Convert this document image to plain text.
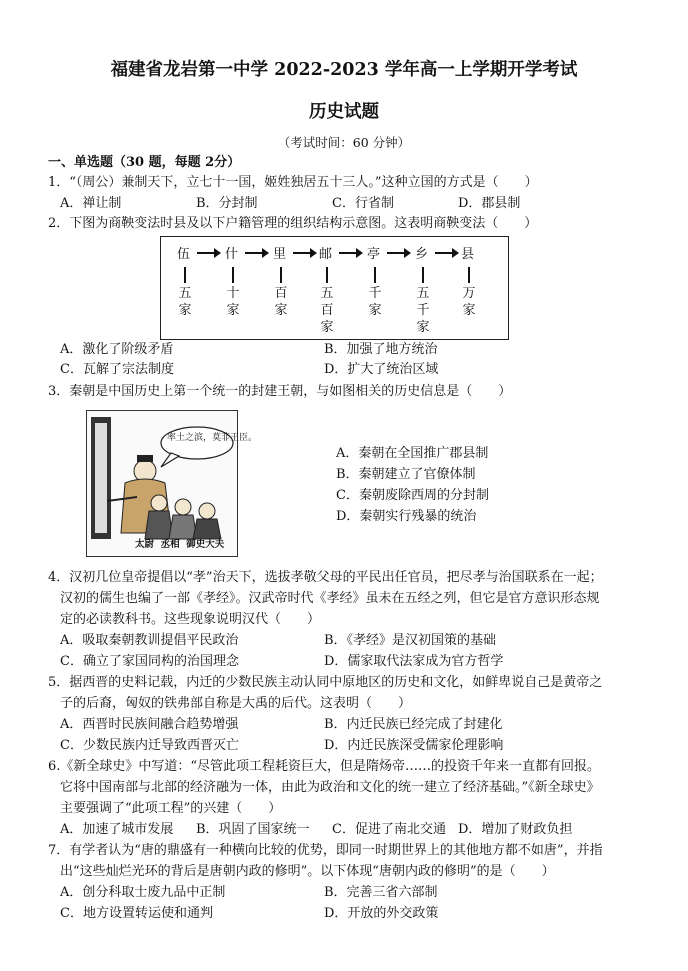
福建省龙岩第一中学 2022-2023 学年高一上学期开学考试
历史试题
（考试时间：60 分钟）
一、单选题（30 题，每题 2分）
1．“（周公）兼制天下，立七十一国，姬姓独居五十三人。”这种立国的方式是（　　）
A．禅让制	B．分封制	C．行省制	D．郡县制
2．下图为商鞅变法时县及以下户籍管理的组织结构示意图。这表明商鞅变法（　　）
伍	什	里	邮	亭	乡	县
五家
十家
百家
五百家
千家
五千家
万家
A．激化了阶级矛盾	B．加强了地方统治
C．瓦解了宗法制度	D．扩大了统治区域
3．秦朝是中国历史上第一个统一的封建王朝，与如图相关的历史信息是（　　）
率土之滨，莫非王臣。
太尉  丞相  御史大夫
A．秦朝在全国推广郡县制
B．秦朝建立了官僚体制
C．秦朝废除西周的分封制
D．秦朝实行残暴的统治
4．汉初几位皇帝提倡以“孝”治天下，选拔孝敬父母的平民出任官员，把尽孝与治国联系在一起；
汉初的儒生也编了一部《孝经》。汉武帝时代《孝经》虽未在五经之列，但它是官方意识形态规
定的必读教科书。这些现象说明汉代（　　）
A．吸取秦朝教训提倡平民政治	B．《孝经》是汉初国策的基础
C．确立了家国同构的治国理念	D．儒家取代法家成为官方哲学
5．据西晋的史料记载，内迁的少数民族主动认同中原地区的历史和文化，如鲜卑说自己是黄帝之
子的后裔，匈奴的铁弗部自称是大禹的后代。这表明（　　）
A．西晋时民族间融合趋势增强	B．内迁民族已经完成了封建化
C．少数民族内迁导致西晋灭亡	D．内迁民族深受儒家伦理影响
6.《新全球史》中写道：“尽管此项工程耗资巨大，但是隋炀帝……的投资千年来一直都有回报。
它将中国南部与北部的经济融为一体，由此为政治和文化的统一建立了经济基础。”《新全球史》
主要强调了“此项工程”的兴建（　　）
A．加速了城市发展 B．巩固了国家统一 C．促进了南北交通 D．增加了财政负担
7．有学者认为“唐的鼎盛有一种横向比较的优势，即同一时期世界上的其他地方都不如唐”，并指
出“这些灿烂光环的背后是唐朝内政的修明”。以下体现“唐朝内政的修明”的是（　　）
A．创分科取士废九品中正制	B．完善三省六部制
C．地方设置转运使和通判	D．开放的外交政策
